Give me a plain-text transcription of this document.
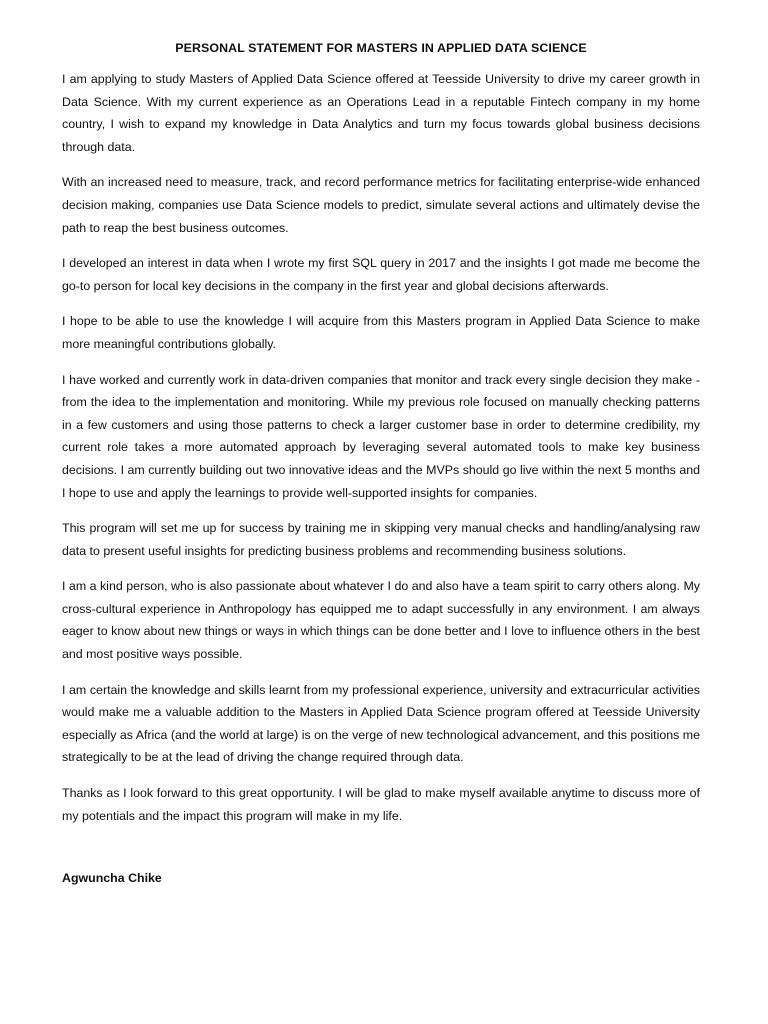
PERSONAL STATEMENT FOR MASTERS IN APPLIED DATA SCIENCE

I am applying to study Masters of Applied Data Science offered at Teesside University to drive my career growth in Data Science. With my current experience as an Operations Lead in a reputable Fintech company in my home country, I wish to expand my knowledge in Data Analytics and turn my focus towards global business decisions through data.

With an increased need to measure, track, and record performance metrics for facilitating enterprise-wide enhanced decision making, companies use Data Science models to predict, simulate several actions and ultimately devise the path to reap the best business outcomes.

I developed an interest in data when I wrote my first SQL query in 2017 and the insights I got made me become the go-to person for local key decisions in the company in the first year and global decisions afterwards.

I hope to be able to use the knowledge I will acquire from this Masters program in Applied Data Science to make more meaningful contributions globally.

I have worked and currently work in data-driven companies that monitor and track every single decision they make - from the idea to the implementation and monitoring. While my previous role focused on manually checking patterns in a few customers and using those patterns to check a larger customer base in order to determine credibility, my current role takes a more automated approach by leveraging several automated tools to make key business decisions. I am currently building out two innovative ideas and the MVPs should go live within the next 5 months and I hope to use and apply the learnings to provide well-supported insights for companies.

This program will set me up for success by training me in skipping very manual checks and handling/analysing raw data to present useful insights for predicting business problems and recommending business solutions.

I am a kind person, who is also passionate about whatever I do and also have a team spirit to carry others along. My cross-cultural experience in Anthropology has equipped me to adapt successfully in any environment. I am always eager to know about new things or ways in which things can be done better and I love to influence others in the best and most positive ways possible.

I am certain the knowledge and skills learnt from my professional experience, university and extracurricular activities would make me a valuable addition to the Masters in Applied Data Science program offered at Teesside University especially as Africa (and the world at large) is on the verge of new technological advancement, and this positions me strategically to be at the lead of driving the change required through data.

Thanks as I look forward to this great opportunity. I will be glad to make myself available anytime to discuss more of my potentials and the impact this program will make in my life.

Agwuncha Chike
